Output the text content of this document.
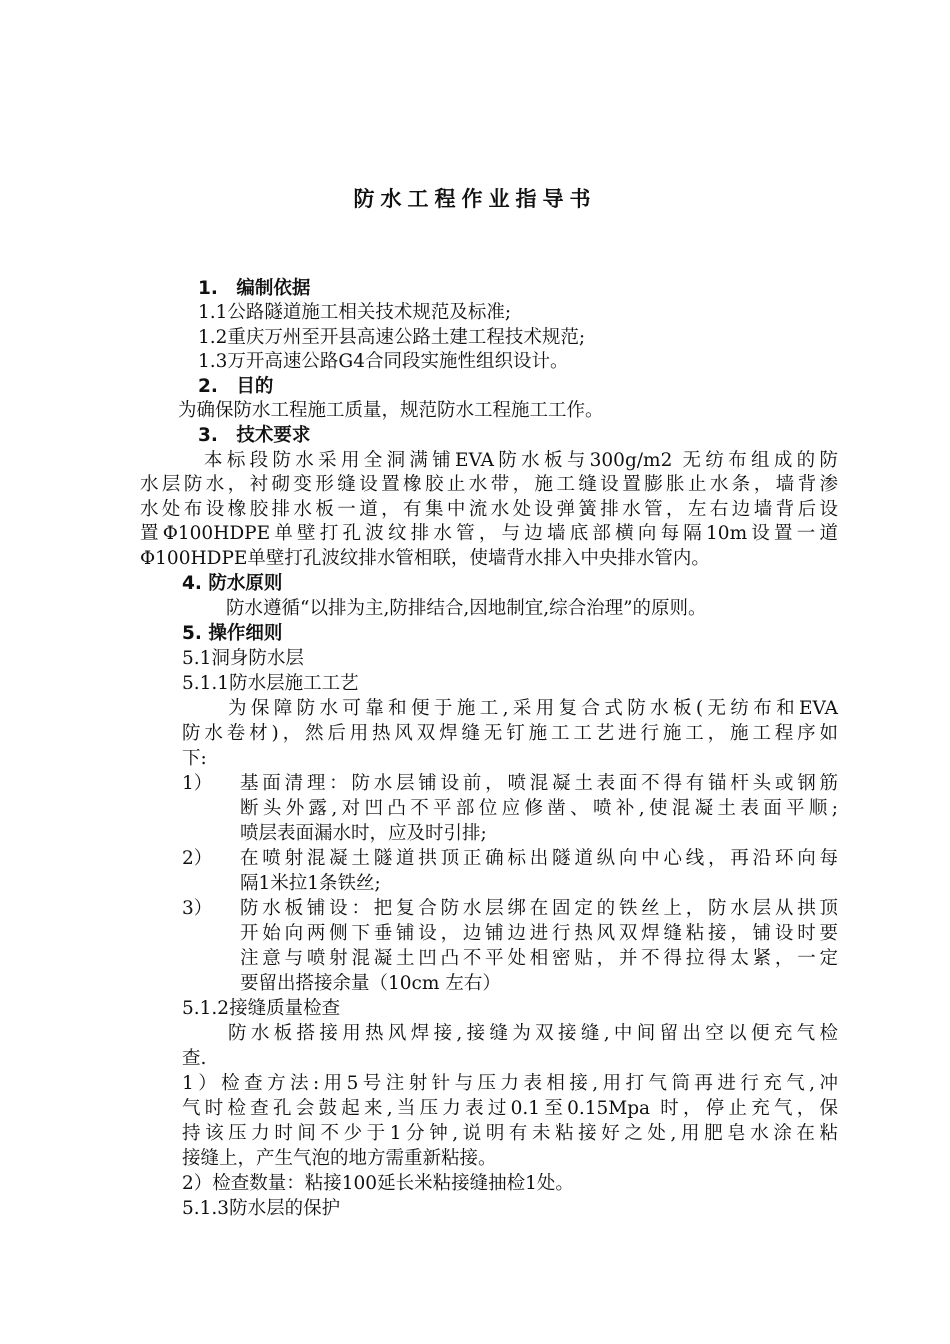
防水工程作业指导书
1.　编制依据
1.1公路隧道施工相关技术规范及标准;
1.2重庆万州至开县高速公路土建工程技术规范;
1.3万开高速公路G4合同段实施性组织设计。
2.　目的
为确保防水工程施工质量，规范防水工程施工工作。
3.　技术要求
本标段防水采用全洞满铺EVA防水板与300g/m2 无纺布组成的防
水层防水，衬砌变形缝设置橡胶止水带，施工缝设置膨胀止水条，墙背渗
水处布设橡胶排水板一道，有集中流水处设弹簧排水管，左右边墙背后设
置Φ100HDPE单壁打孔波纹排水管，与边墙底部横向每隔10m设置一道
Φ100HDPE单壁打孔波纹排水管相联，使墙背水排入中央排水管内。
4. 防水原则
防水遵循“以排为主,防排结合,因地制宜,综合治理”的原则。
5. 操作细则
5.1洞身防水层
5.1.1防水层施工工艺
为保障防水可靠和便于施工,采用复合式防水板(无纺布和EVA
防水卷材)，然后用热风双焊缝无钉施工工艺进行施工，施工程序如
下:
1） 基面清理：防水层铺设前，喷混凝土表面不得有锚杆头或钢筋
断头外露,对凹凸不平部位应修凿、喷补,使混凝土表面平顺;
喷层表面漏水时，应及时引排;
2） 在喷射混凝土隧道拱顶正确标出隧道纵向中心线，再沿环向每
隔1米拉1条铁丝;
3） 防水板铺设：把复合防水层绑在固定的铁丝上，防水层从拱顶
开始向两侧下垂铺设，边铺边进行热风双焊缝粘接，铺设时要
注意与喷射混凝土凹凸不平处相密贴，并不得拉得太紧，一定
要留出搭接余量（10cm 左右）
5.1.2接缝质量检查
防水板搭接用热风焊接,接缝为双接缝,中间留出空以便充气检
查.
1）检查方法:用5号注射针与压力表相接,用打气筒再进行充气,冲
气时检查孔会鼓起来,当压力表过0.1至0.15Mpa 时，停止充气，保
持该压力时间不少于1分钟,说明有未粘接好之处,用肥皂水涂在粘
接缝上，产生气泡的地方需重新粘接。
2）检查数量：粘接100延长米粘接缝抽检1处。
5.1.3防水层的保护
